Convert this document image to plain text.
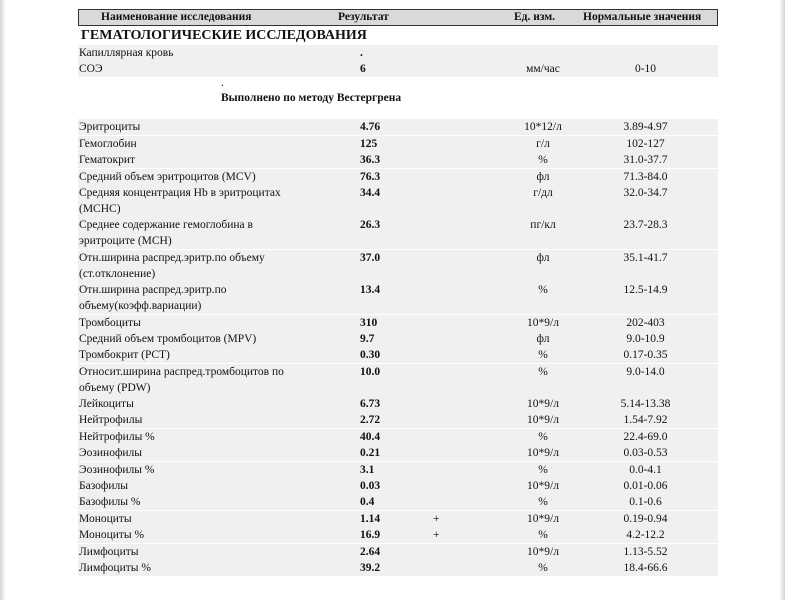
Наименование исследования	Результат	Ед. изм. Нормальные значения
ГЕМАТОЛОГИЧЕСКИЕ ИССЛЕДОВАНИЯ
Капиллярная кровь	.
СОЭ	6	мм/час	0-10
.
Выполнено по методу Вестергрена
Эритроциты	4.76	10*12/л	3.89-4.97
Гемоглобин	125	г/л	102-127
Гематокрит	36.3	%	31.0-37.7
Средний объем эритроцитов (MCV)	76.3	фл	71.3-84.0
Средняя концентрация Hb в эритроцитах (MCHC)
34.4	г/дл	32.0-34.7
Среднее содержание гемоглобина в эритроците (MCH)
26.3	пг/кл	23.7-28.3
Отн.ширина распред.эритр.по объему (ст.отклонение)
37.0	фл	35.1-41.7
Отн.ширина распред.эритр.по объему(коэфф.вариации)
13.4	%	12.5-14.9
Тромбоциты	310	10*9/л	202-403
Средний объем тромбоцитов (MPV)	9.7	фл	9.0-10.9
Тромбокрит (PCT)	0.30	%	0.17-0.35
Относит.ширина распред.тромбоцитов по объему (PDW)
10.0	%	9.0-14.0
Лейкоциты	6.73	10*9/л	5.14-13.38
Нейтрофилы	2.72	10*9/л	1.54-7.92
Нейтрофилы %	40.4	%	22.4-69.0
Эозинофилы	0.21	10*9/л	0.03-0.53
Эозинофилы %	3.1	%	0.0-4.1
Базофилы	0.03	10*9/л	0.01-0.06
Базофилы %	0.4	%	0.1-0.6
Моноциты	1.14	+	10*9/л	0.19-0.94
Моноциты %	16.9	+	%	4.2-12.2
Лимфоциты	2.64	10*9/л	1.13-5.52
Лимфоциты %	39.2	%	18.4-66.6
